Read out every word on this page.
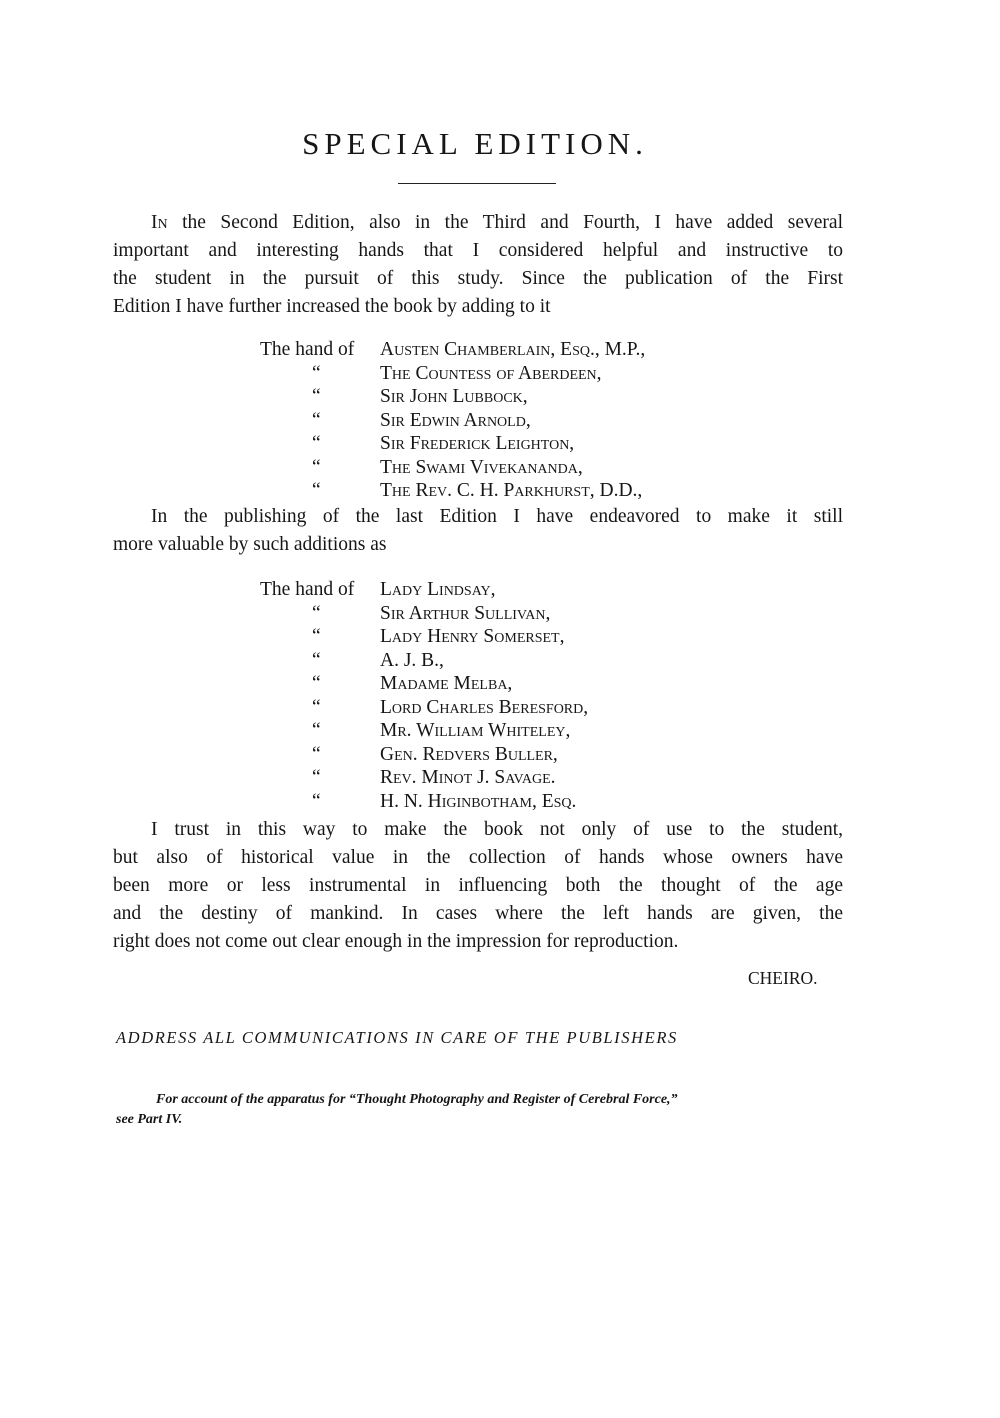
SPECIAL EDITION.
In the Second Edition, also in the Third and Fourth, I have added several
important and interesting hands that I considered helpful and instructive to
the student in the pursuit of this study. Since the publication of the First
Edition I have further increased the book by adding to it
The hand of Austen Chamberlain, Esq., M.P.,
“	The Countess of Aberdeen,
“	Sir John Lubbock,
“	Sir Edwin Arnold,
“	Sir Frederick Leighton,
“	The Swami Vivekananda,
“	The Rev. C. H. Parkhurst, D.D.,
In the publishing of the last Edition I have endeavored to make it still
more valuable by such additions as
The hand of Lady Lindsay,
“	Sir Arthur Sullivan,
“	Lady Henry Somerset,
“	A. J. B.,
“	Madame Melba,
“	Lord Charles Beresford,
“	Mr. William Whiteley,
“	Gen. Redvers Buller,
“	Rev. Minot J. Savage.
“	H. N. Higinbotham, Esq.
I trust in this way to make the book not only of use to the student,
but also of historical value in the collection of hands whose owners have
been more or less instrumental in influencing both the thought of the age
and the destiny of mankind. In cases where the left hands are given, the
right does not come out clear enough in the impression for reproduction.
CHEIRO.
ADDRESS ALL COMMUNICATIONS IN CARE OF THE PUBLISHERS
For account of the apparatus for “Thought Photography and Register of Cerebral Force,”
see Part IV.
